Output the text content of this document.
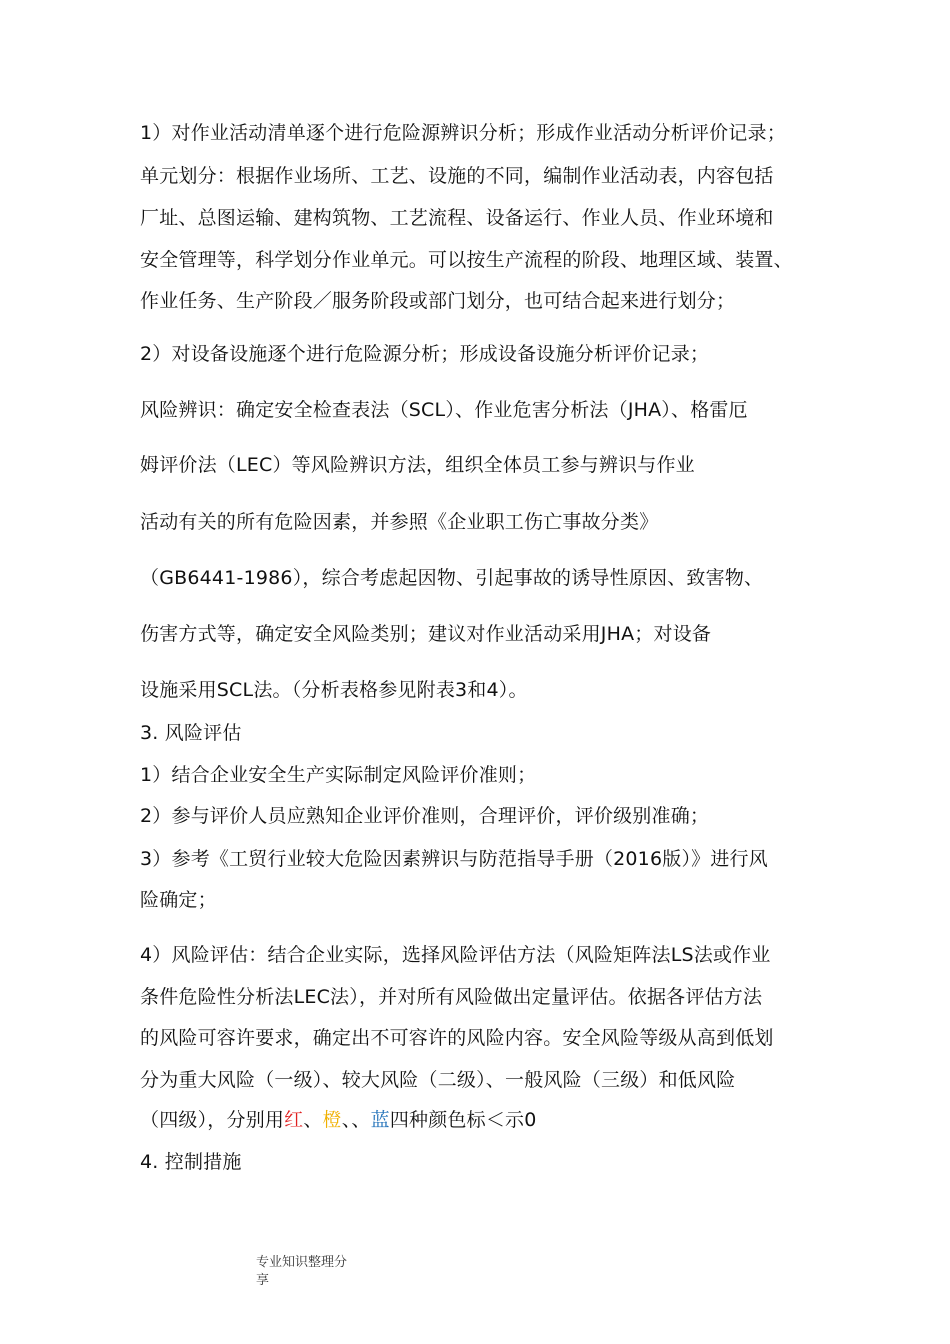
1）对作业活动清单逐个进行危险源辨识分析；形成作业活动分析评价记录；
单元划分：根据作业场所、工艺、设施的不同，编制作业活动表，内容包括
厂址、总图运输、建构筑物、工艺流程、设备运行、作业人员、作业环境和
安全管理等，科学划分作业单元。可以按生产流程的阶段、地理区域、装置、
作业任务、生产阶段／服务阶段或部门划分，也可结合起来进行划分；
2）对设备设施逐个进行危险源分析；形成设备设施分析评价记录；
风险辨识：确定安全检查表法（SCL）、作业危害分析法（JHA）、格雷厄
姆评价法（LEC）等风险辨识方法，组织全体员工参与辨识与作业
活动有关的所有危险因素，并参照《企业职工伤亡事故分类》
（GB6441-1986），综合考虑起因物、引起事故的诱导性原因、致害物、
伤害方式等，确定安全风险类别；建议对作业活动采用JHA；对设备
设施采用SCL法。（分析表格参见附表3和4）。
3. 风险评估
1）结合企业安全生产实际制定风险评价准则；
2）参与评价人员应熟知企业评价准则，合理评价，评价级别准确；
3）参考《工贸行业较大危险因素辨识与防范指导手册（2016版）》进行风
险确定；
4）风险评估：结合企业实际，选择风险评估方法（风险矩阵法LS法或作业
条件危险性分析法LEC法），并对所有风险做出定量评估。依据各评估方法
的风险可容许要求，确定出不可容许的风险内容。安全风险等级从高到低划
分为重大风险（一级）、较大风险（二级）、一般风险（三级）和低风险
（四级），分别用红、橙、、蓝四种颜色标＜示0
4. 控制措施
专业知识整理分
享
